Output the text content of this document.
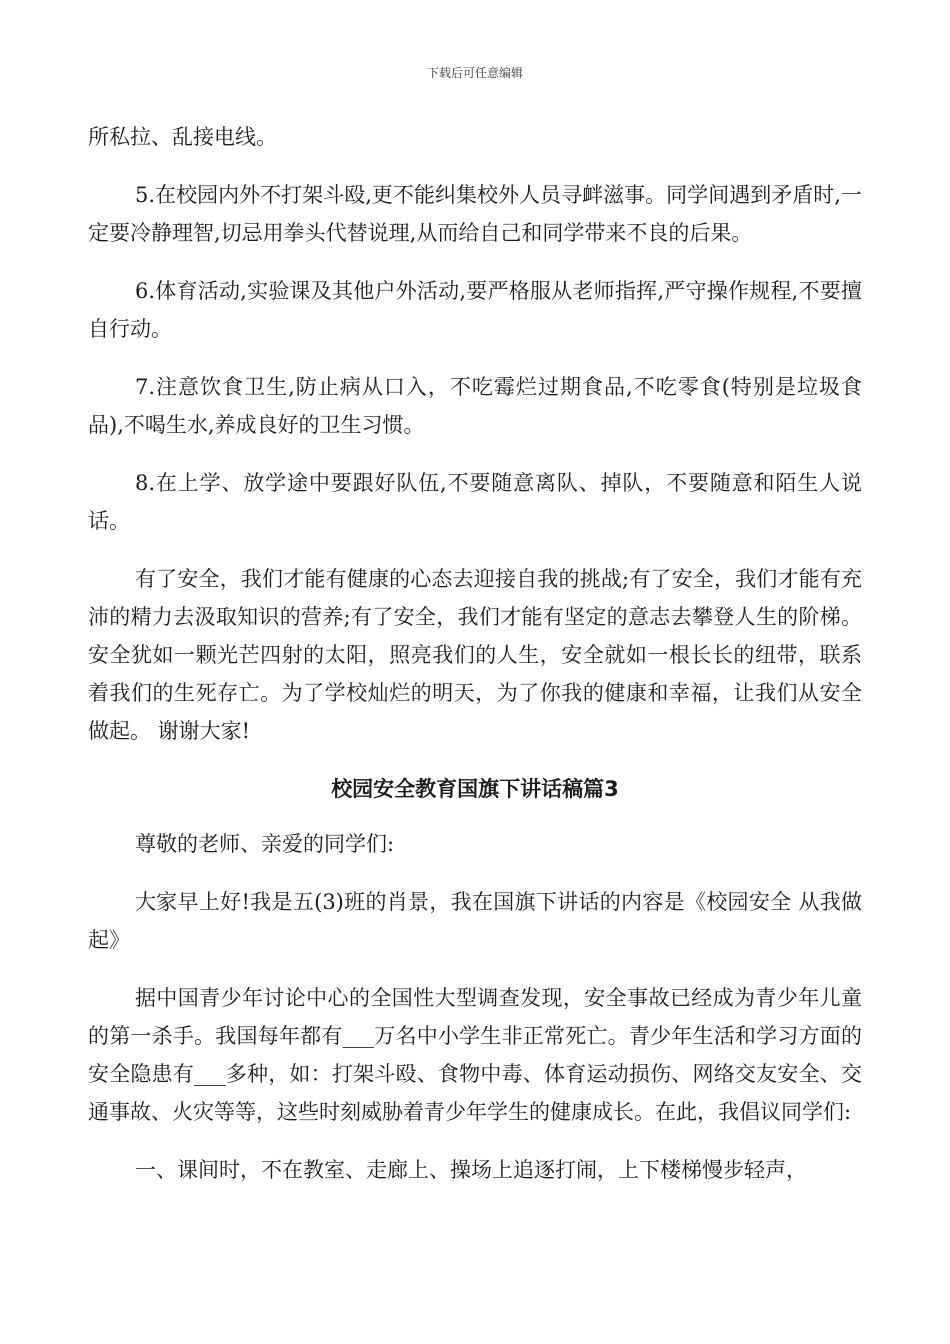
下载后可任意编辑

所私拉、乱接电线。

5.在校园内外不打架斗殴,更不能纠集校外人员寻衅滋事。同学间遇到矛盾时,一定要冷静理智,切忌用拳头代替说理,从而给自己和同学带来不良的后果。

6.体育活动,实验课及其他户外活动,要严格服从老师指挥,严守操作规程,不要擅自行动。

7.注意饮食卫生,防止病从口入，不吃霉烂过期食品,不吃零食(特别是垃圾食品),不喝生水,养成良好的卫生习惯。

8.在上学、放学途中要跟好队伍,不要随意离队、掉队，不要随意和陌生人说话。

有了安全，我们才能有健康的心态去迎接自我的挑战;有了安全，我们才能有充沛的精力去汲取知识的营养;有了安全，我们才能有坚定的意志去攀登人生的阶梯。安全犹如一颗光芒四射的太阳，照亮我们的人生，安全就如一根长长的纽带，联系着我们的生死存亡。为了学校灿烂的明天，为了你我的健康和幸福，让我们从安全做起。 谢谢大家!

校园安全教育国旗下讲话稿篇3

尊敬的老师、亲爱的同学们:

大家早上好!我是五(3)班的肖景，我在国旗下讲话的内容是《校园安全 从我做起》

据中国青少年讨论中心的全国性大型调查发现，安全事故已经成为青少年儿童的第一杀手。我国每年都有___万名中小学生非正常死亡。青少年生活和学习方面的安全隐患有___多种，如：打架斗殴、食物中毒、体育运动损伤、网络交友安全、交通事故、火灾等等，这些时刻威胁着青少年学生的健康成长。在此，我倡议同学们:

一、课间时，不在教室、走廊上、操场上追逐打闹，上下楼梯慢步轻声，
